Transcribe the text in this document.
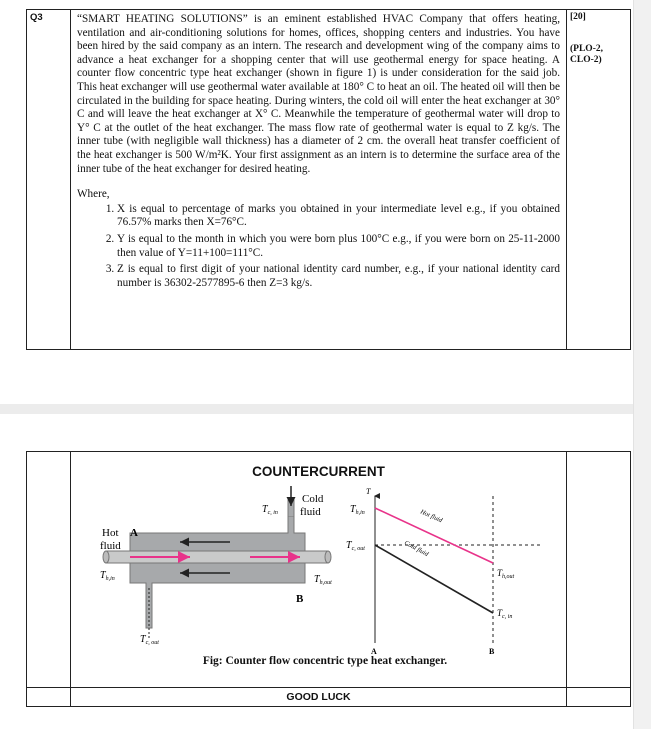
Q3	“SMART HEATING SOLUTIONS” is an eminent established HVAC Company that offers heating, ventilation and air-conditioning solutions for homes, offices, shopping centers and industries. You have been hired by the said company as an intern. The research and development wing of the company aims to advance a heat exchanger for a shopping center that will use geothermal energy for space heating. A counter flow concentric type heat exchanger (shown in figure 1) is under consideration for the said job. This heat exchanger will use geothermal water available at 180° C to heat an oil. The heated oil will then be circulated in the building for space heating. During winters, the cold oil will enter the heat exchanger at 30° C and will leave the heat exchanger at X° C. Meanwhile the temperature of geothermal water will drop to Y° C at the outlet of the heat exchanger. The mass flow rate of geothermal water is equal to Z kg/s. The inner tube (with negligible wall thickness) has a diameter of 2 cm. the overall heat transfer coefficient of the heat exchanger is 500 W/m²K. Your first assignment as an intern is to determine the surface area of the inner tube of the heat exchanger for desired heating.

Where,

1. X is equal to percentage of marks you obtained in your intermediate level e.g., if you obtained 76.57% marks then X=76°C.
2. Y is equal to the month in which you were born plus 100°C e.g., if you were born on 25-11-2000 then value of Y=11+100=111°C.
3. Z is equal to first digit of your national identity card number, e.g., if your national identity card number is 36302-2577895-6 then Z=3 kg/s.

[20]
(PLO-2,
CLO-2)

	COUNTERCURRENT	

	GOOD LUCK	
Cold
fluid
$T_{c, in}$
Hot A
fluid
$T_{h,in}$	$T_{h,out}$
B
$T_{c, out}$
T
$T_{h,in}$
$T_{c, out}$
Hot fluid
Cold fluid
$T_{h,out}$
$T_{c, in}$
A	B

Fig: Counter flow concentric type heat exchanger.
